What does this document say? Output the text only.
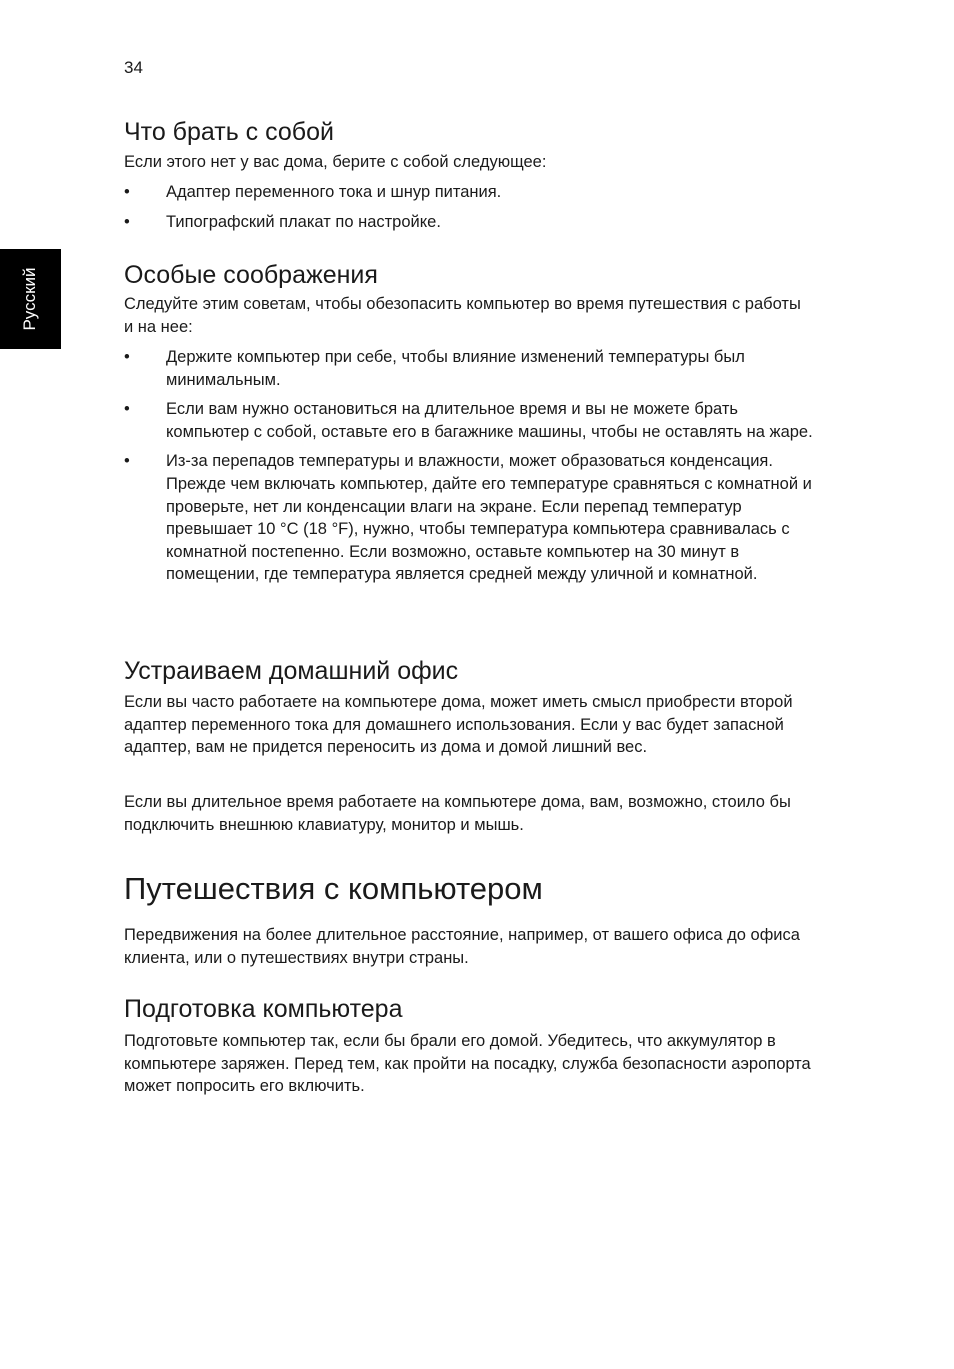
34
Русский
Что брать с собой

Если этого нет у вас дома, берите с собой следующее:

• Адаптер переменного тока и шнур питания.
• Типографский плакат по настройке.
Особые соображения

Следуйте этим советам, чтобы обезопасить компьютер во время путешествия с работы и на нее:

• Держите компьютер при себе, чтобы влияние изменений температуры был минимальным.
• Если вам нужно остановиться на длительное время и вы не можете брать компьютер с собой, оставьте его в багажнике машины, чтобы не оставлять на жаре.
• Из-за перепадов температуры и влажности, может образоваться конденсация. Прежде чем включать компьютер, дайте его температуре сравняться с комнатной и проверьте, нет ли конденсации влаги на экране. Если перепад температур превышает 10 °C (18 °F), нужно, чтобы температура компьютера сравнивалась с комнатной постепенно. Если возможно, оставьте компьютер на 30 минут в помещении, где температура является средней между уличной и комнатной.
Устраиваем домашний офис

Если вы часто работаете на компьютере дома, может иметь смысл приобрести второй адаптер переменного тока для домашнего использования. Если у вас будет запасной адаптер, вам не придется переносить из дома и домой лишний вес.

Если вы длительное время работаете на компьютере дома, вам, возможно, стоило бы подключить внешнюю клавиатуру, монитор и мышь.

Путешествия с компьютером

Передвижения на более длительное расстояние, например, от вашего офиса до офиса клиента, или о путешествиях внутри страны.

Подготовка компьютера

Подготовьте компьютер так, если бы брали его домой. Убедитесь, что аккумулятор в компьютере заряжен. Перед тем, как пройти на посадку, служба безопасности аэропорта может попросить его включить.
